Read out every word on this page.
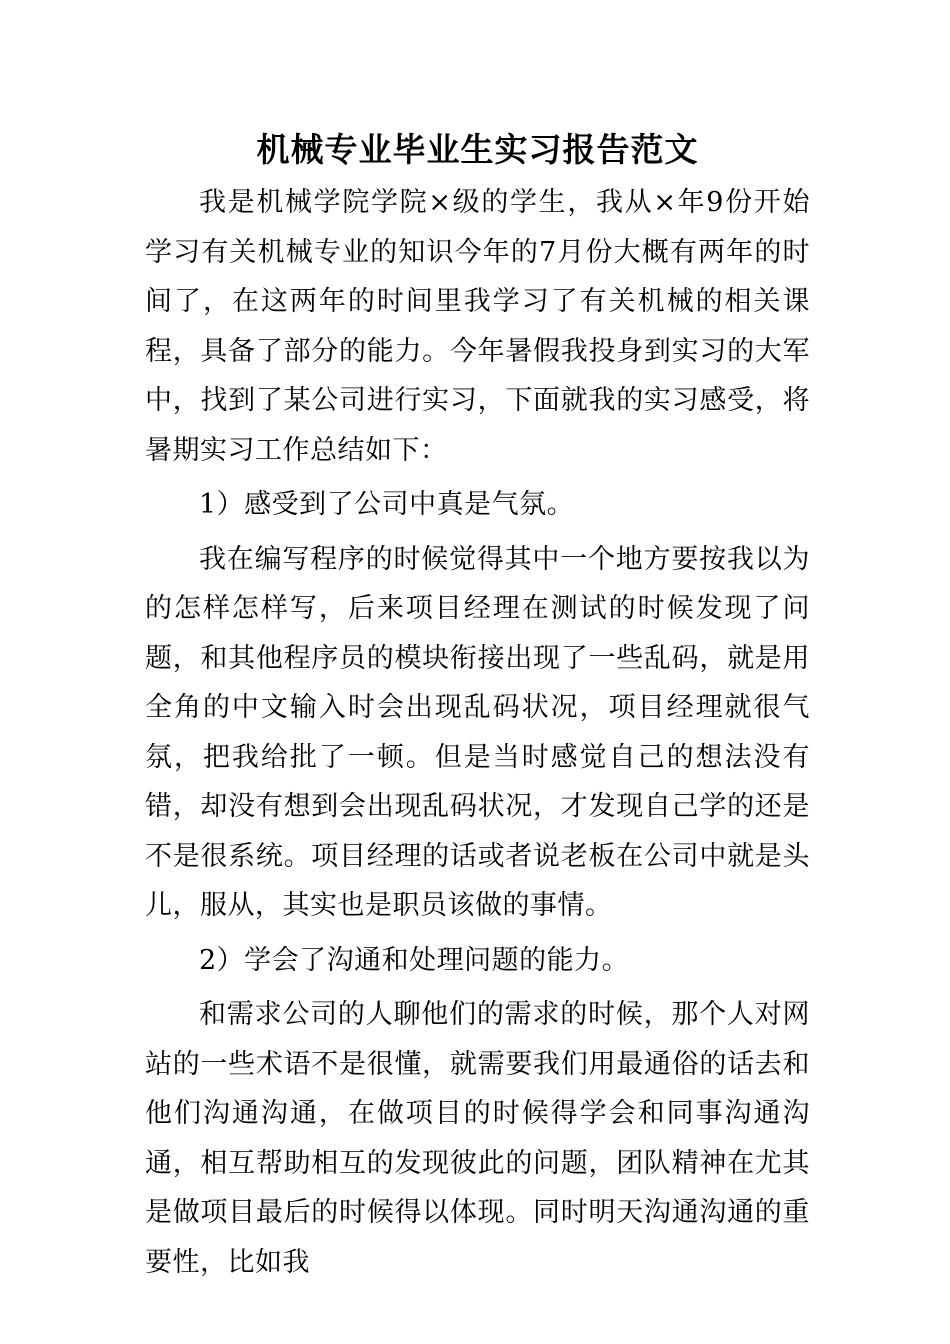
机械专业毕业生实习报告范文

我是机械学院学院×级的学生，我从×年9份开始学习有关机械专业的知识今年的7月份大概有两年的时间了，在这两年的时间里我学习了有关机械的相关课程，具备了部分的能力。今年暑假我投身到实习的大军中，找到了某公司进行实习，下面就我的实习感受，将暑期实习工作总结如下：

1）感受到了公司中真是气氛。

我在编写程序的时候觉得其中一个地方要按我以为的怎样怎样写，后来项目经理在测试的时候发现了问题，和其他程序员的模块衔接出现了一些乱码，就是用全角的中文输入时会出现乱码状况，项目经理就很气氛，把我给批了一顿。但是当时感觉自己的想法没有错，却没有想到会出现乱码状况，才发现自己学的还是不是很系统。项目经理的话或者说老板在公司中就是头儿，服从，其实也是职员该做的事情。

2）学会了沟通和处理问题的能力。

和需求公司的人聊他们的需求的时候，那个人对网站的一些术语不是很懂，就需要我们用最通俗的话去和他们沟通沟通，在做项目的时候得学会和同事沟通沟通，相互帮助相互的发现彼此的问题，团队精神在尤其是做项目最后的时候得以体现。同时明天沟通沟通的重要性，比如我
